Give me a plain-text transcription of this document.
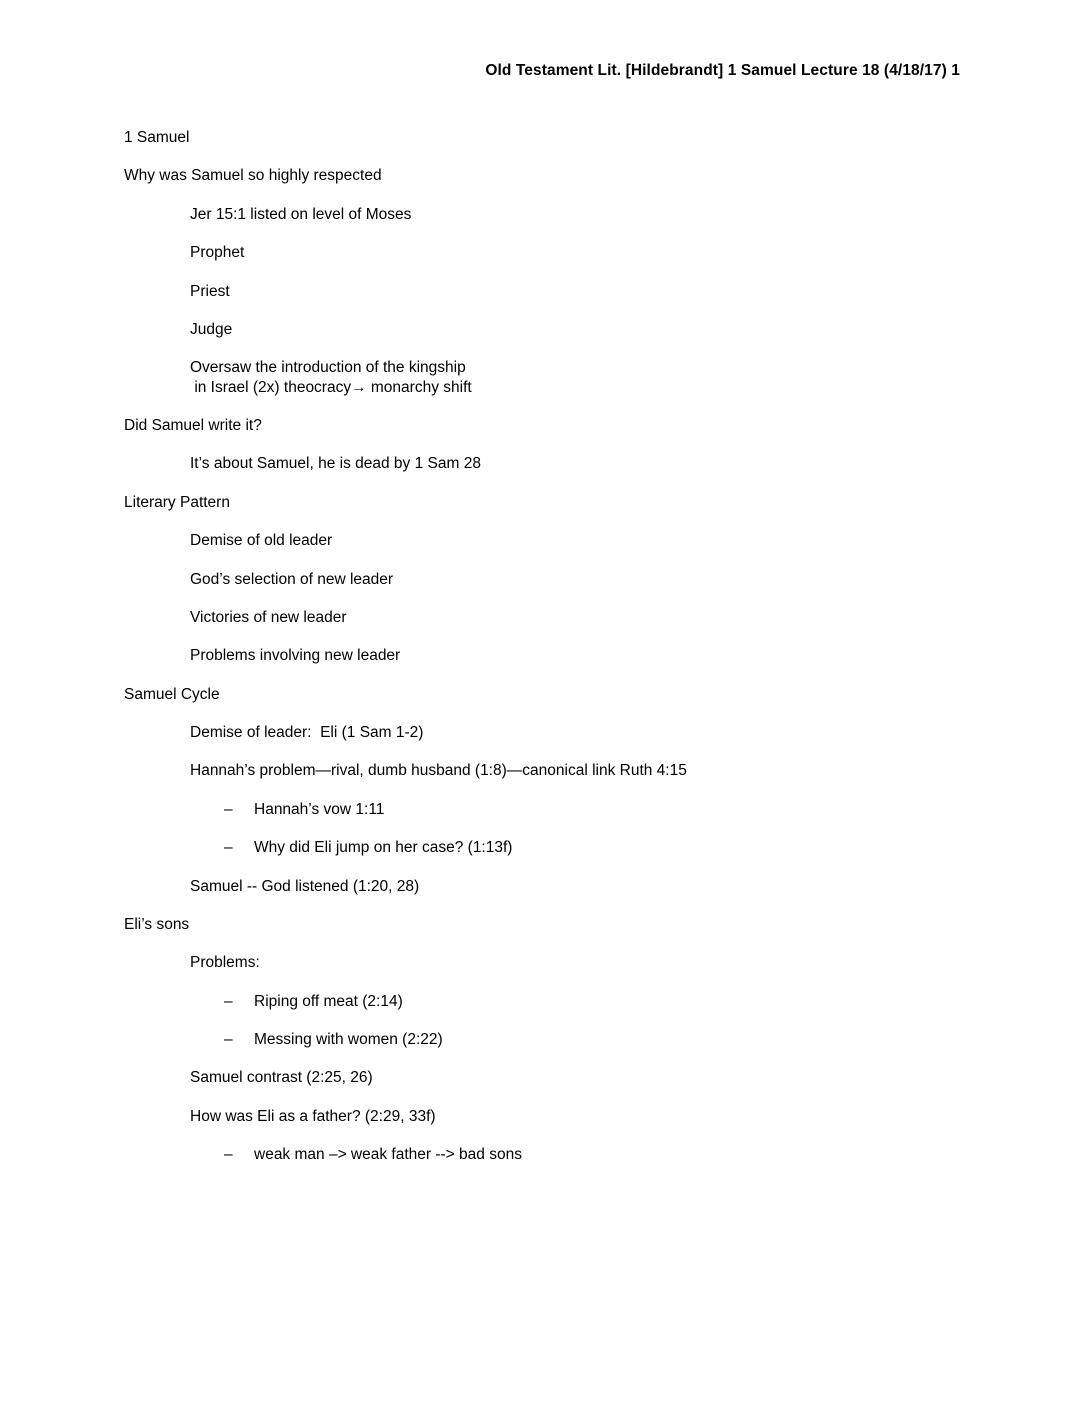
Old Testament Lit. [Hildebrandt] 1 Samuel Lecture 18 (4/18/17) 1
1 Samuel
Why was Samuel so highly respected
Jer 15:1 listed on level of Moses
Prophet
Priest
Judge
Oversaw the introduction of the kingship
in Israel (2x) theocracy→ monarchy shift
Did Samuel write it?
It’s about Samuel, he is dead by 1 Sam 28
Literary Pattern
Demise of old leader
God’s selection of new leader
Victories of new leader
Problems involving new leader
Samuel Cycle
Demise of leader:  Eli (1 Sam 1-2)
Hannah’s problem—rival, dumb husband (1:8)—canonical link Ruth 4:15
–	Hannah’s vow 1:11
–	Why did Eli jump on her case? (1:13f)
Samuel -- God listened (1:20, 28)
Eli’s sons
Problems:
–	Riping off meat (2:14)
–	Messing with women (2:22)
Samuel contrast (2:25, 26)
How was Eli as a father? (2:29, 33f)
–	weak man –> weak father --> bad sons
